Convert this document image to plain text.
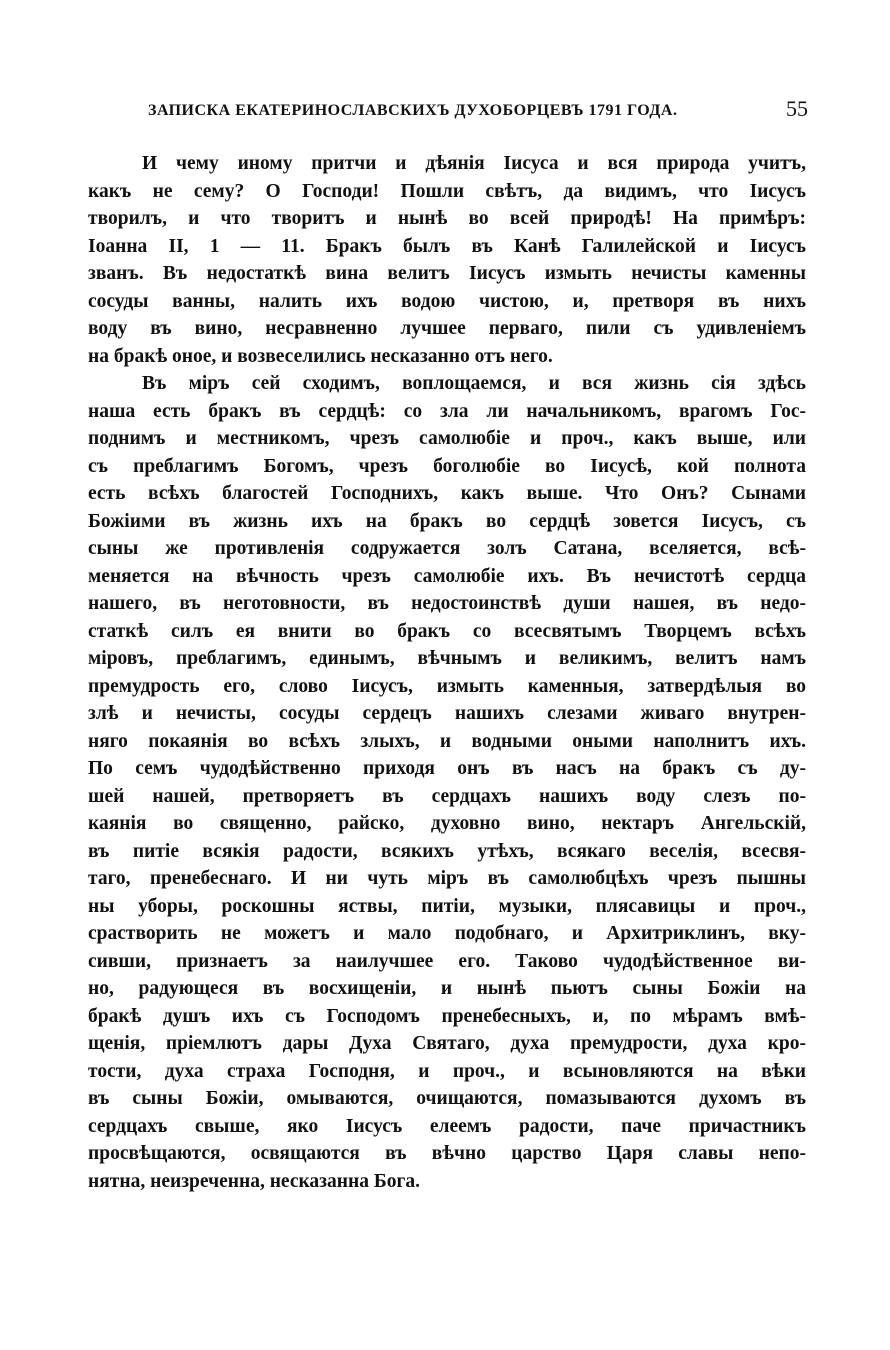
ЗАПИСКА ЕКАТЕРИНОСЛАВСКИХЪ ДУХОБОРЦЕВЪ 1791 ГОДА.	55
И чему иному притчи и дѣянія Іисуса и вся природа учитъ,
какъ не сему? О Господи! Пошли свѣтъ, да видимъ, что Іисусъ
творилъ, и что творитъ и нынѣ во всей природѣ! На примѣръ:
Іоанна II, 1 — 11. Бракъ былъ въ Канѣ Галилейской и Іисусъ
званъ. Въ недостаткѣ вина велитъ Іисусъ измыть нечисты каменны
сосуды ванны, налить ихъ водою чистою, и, претворя въ нихъ
воду въ вино, несравненно лучшее перваго, пили съ удивленіемъ
на бракѣ оное, и возвеселились несказанно отъ него.
Въ міръ сей сходимъ, воплощаемся, и вся жизнь сія здѣсь
наша есть бракъ въ сердцѣ: со зла ли начальникомъ, врагомъ Гос-
поднимъ и местникомъ, чрезъ самолюбіе и проч., какъ выше, или
съ преблагимъ Богомъ, чрезъ боголюбіе во Іисусѣ, кой полнота
есть всѣхъ благостей Господнихъ, какъ выше. Что Онъ? Сынами
Божіими въ жизнь ихъ на бракъ во сердцѣ зовется Іисусъ, съ
сыны же противленія содружается золъ Сатана, вселяется, всѣ-
меняется на вѣчность чрезъ самолюбіе ихъ. Въ нечистотѣ сердца
нашего, въ неготовности, въ недостоинствѣ души нашея, въ недо-
статкѣ силъ ея внити во бракъ со всесвятымъ Творцемъ всѣхъ
міровъ, преблагимъ, единымъ, вѣчнымъ и великимъ, велитъ намъ
премудрость его, слово Іисусъ, измыть каменныя, затвердѣлыя во
злѣ и нечисты, сосуды сердецъ нашихъ слезами живаго внутрен-
няго покаянія во всѣхъ злыхъ, и водными оными наполнитъ ихъ.
По семъ чудодѣйственно приходя онъ въ насъ на бракъ съ ду-
шей нашей, претворяетъ въ сердцахъ нашихъ воду слезъ по-
каянія во священно, райско, духовно вино, нектаръ Ангельскій,
въ питіе всякія радости, всякихъ утѣхъ, всякаго веселія, всесвя-
таго, пренебеснаго. И ни чуть міръ въ самолюбцѣхъ чрезъ пышны
ны уборы, роскошны яствы, питіи, музыки, плясавицы и проч.,
срастворить не можетъ и мало подобнаго, и Архитриклинъ, вку-
сивши, признаетъ за наилучшее его. Таково чудодѣйственное ви-
но, радующеся въ восхищеніи, и нынѣ пьютъ сыны Божіи на
бракѣ душъ ихъ съ Господомъ пренебесныхъ, и, по мѣрамъ вмѣ-
щенія, пріемлютъ дары Духа Святаго, духа премудрости, духа кро-
тости, духа страха Господня, и проч., и всыновляются на вѣки
въ сыны Божіи, омываются, очищаются, помазываются духомъ въ
сердцахъ свыше, яко Іисусъ елеемъ радости, паче причастникъ
просвѣщаются, освящаются въ вѣчно царство Царя славы непо-
нятна, неизреченна, несказанна Бога.
